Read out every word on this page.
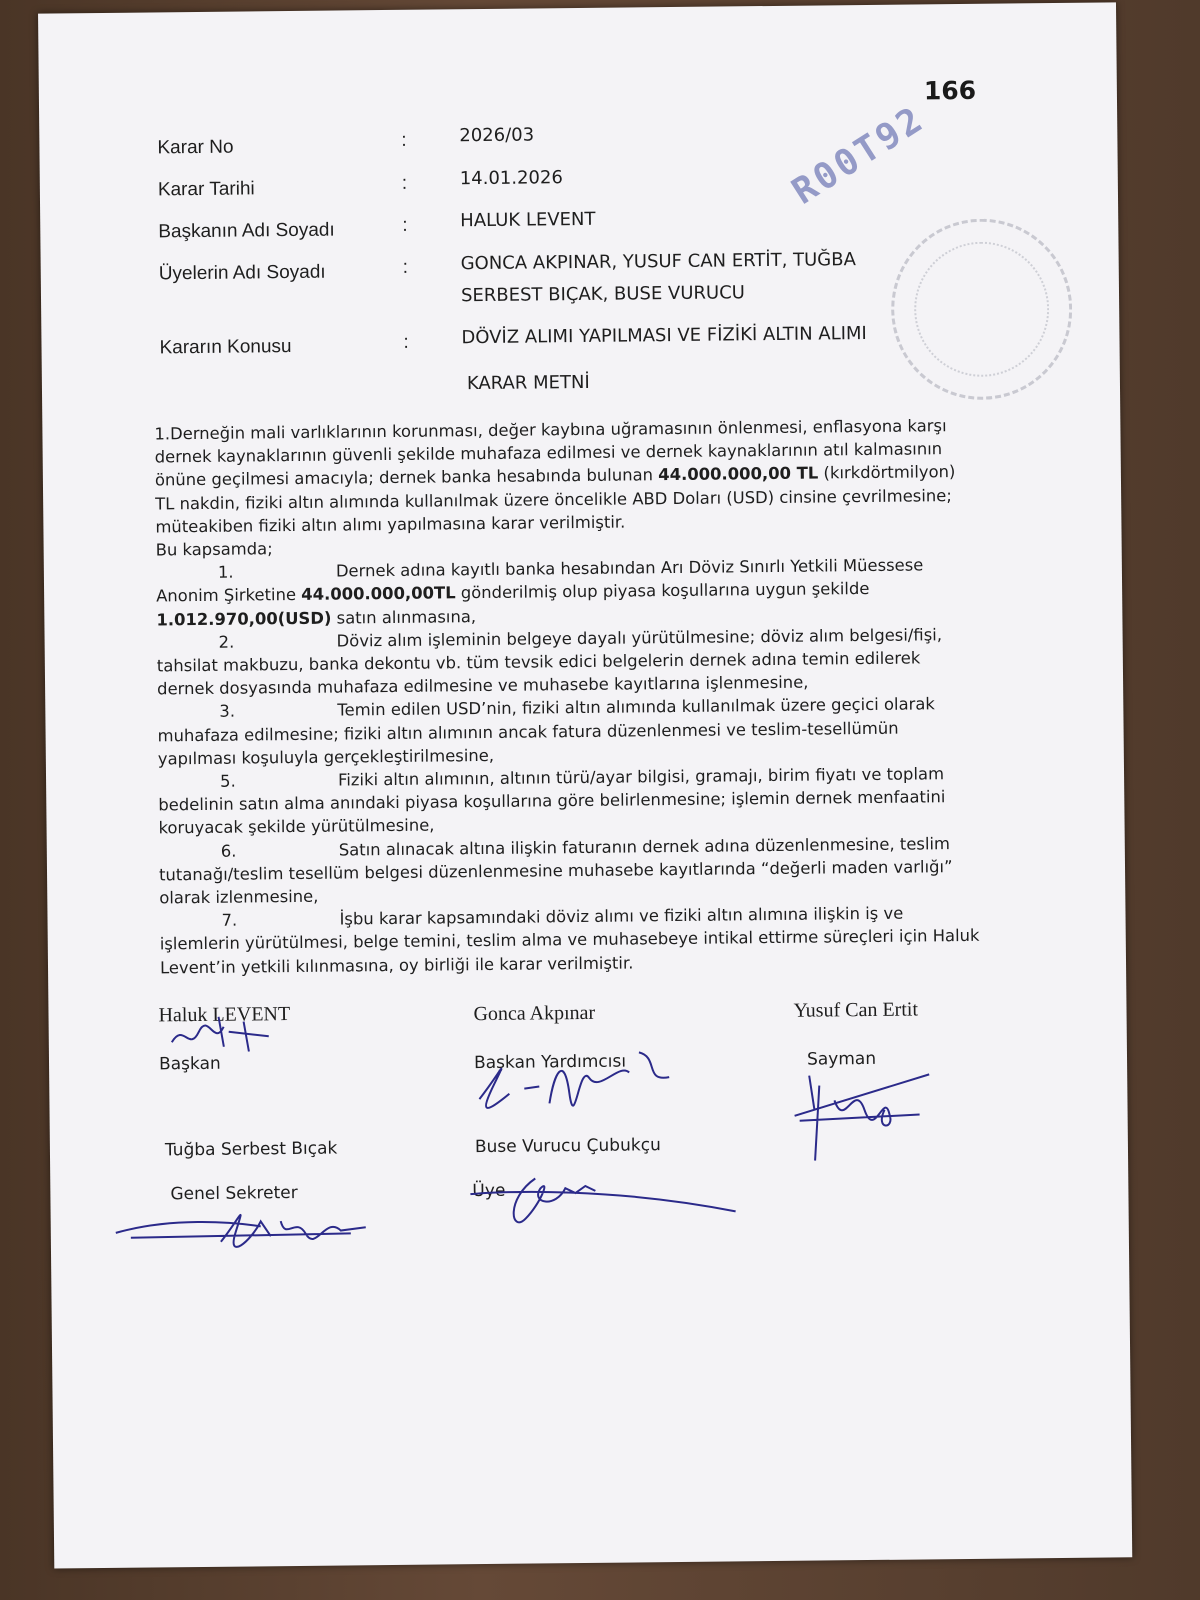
166
R00T92
Karar No	:	2026/03
Karar Tarihi	:	14.01.2026
Başkanın Adı Soyadı	:	HALUK LEVENT
Üyelerin Adı Soyadı	:	GONCA AKPINAR, YUSUF CAN ERTİT, TUĞBA
SERBEST BIÇAK, BUSE VURUCU
Kararın Konusu	:	DÖVİZ ALIMI YAPILMASI VE FİZİKİ ALTIN ALIMI
KARAR METNİ

1.Derneğin mali varlıklarının korunması, değer kaybına uğramasının önlenmesi, enflasyona karşı dernek kaynaklarının güvenli şekilde muhafaza edilmesi ve dernek kaynaklarının atıl kalmasının önüne geçilmesi amacıyla; dernek banka hesabında bulunan 44.000.000,00 TL (kırkdörtmilyon) TL nakdin, fiziki altın alımında kullanılmak üzere öncelikle ABD Doları (USD) cinsine çevrilmesine; müteakiben fiziki altın alımı yapılmasına karar verilmiştir.

Bu kapsamda;

1.	Dernek adına kayıtlı banka hesabından Arı Döviz Sınırlı Yetkili Müessese Anonim Şirketine 44.000.000,00TL gönderilmiş olup piyasa koşullarına uygun şekilde 1.012.970,00(USD) satın alınmasına,

2.	Döviz alım işleminin belgeye dayalı yürütülmesine; döviz alım belgesi/fişi, tahsilat makbuzu, banka dekontu vb. tüm tevsik edici belgelerin dernek adına temin edilerek dernek dosyasında muhafaza edilmesine ve muhasebe kayıtlarına işlenmesine,

3.	Temin edilen USD’nin, fiziki altın alımında kullanılmak üzere geçici olarak muhafaza edilmesine; fiziki altın alımının ancak fatura düzenlenmesi ve teslim-tesellümün yapılması koşuluyla gerçekleştirilmesine,

5.	Fiziki altın alımının, altının türü/ayar bilgisi, gramajı, birim fiyatı ve toplam bedelinin satın alma anındaki piyasa koşullarına göre belirlenmesine; işlemin dernek menfaatini koruyacak şekilde yürütülmesine,

6.	Satın alınacak altına ilişkin faturanın dernek adına düzenlenmesine, teslim tutanağı/teslim tesellüm belgesi düzenlenmesine muhasebe kayıtlarında “değerli maden varlığı” olarak izlenmesine,

7.	İşbu karar kapsamındaki döviz alımı ve fiziki altın alımına ilişkin iş ve işlemlerin yürütülmesi, belge temini, teslim alma ve muhasebeye intikal ettirme süreçleri için Haluk Levent’in yetkili kılınmasına, oy birliği ile karar verilmiştir.

Haluk LEVENT
Başkan
Gonca Akpınar
Başkan Yardımcısı
Yusuf Can Ertit
Sayman
Tuğba Serbest Bıçak
Genel Sekreter
Buse Vurucu Çubukçu
Üye
